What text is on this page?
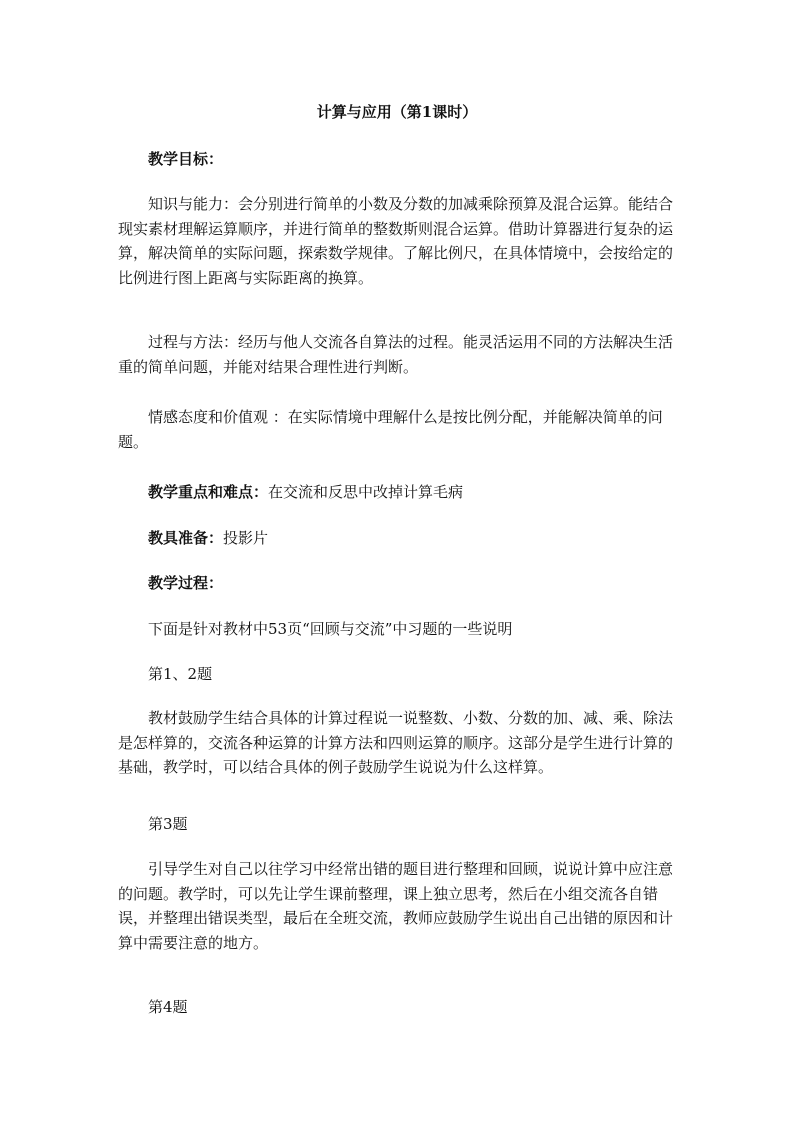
计算与应用（第1课时）

教学目标：

知识与能力：会分别进行简单的小数及分数的加减乘除预算及混合运算。能结合现实素材理解运算顺序，并进行简单的整数斯则混合运算。借助计算器进行复杂的运算，解决简单的实际问题，探索数学规律。了解比例尺，在具体情境中，会按给定的比例进行图上距离与实际距离的换算。

过程与方法：经历与他人交流各自算法的过程。能灵活运用不同的方法解决生活重的简单问题，并能对结果合理性进行判断。

情感态度和价值观 ：在实际情境中理解什么是按比例分配，并能解决简单的问题。

教学重点和难点：在交流和反思中改掉计算毛病

教具准备：投影片

教学过程：

下面是针对教材中53页“回顾与交流”中习题的一些说明

第1、2题

教材鼓励学生结合具体的计算过程说一说整数、小数、分数的加、减、乘、除法是怎样算的，交流各种运算的计算方法和四则运算的顺序。这部分是学生进行计算的基础，教学时，可以结合具体的例子鼓励学生说说为什么这样算。

第3题

引导学生对自己以往学习中经常出错的题目进行整理和回顾，说说计算中应注意的问题。教学时，可以先让学生课前整理，课上独立思考，然后在小组交流各自错误，并整理出错误类型，最后在全班交流，教师应鼓励学生说出自己出错的原因和计算中需要注意的地方。

第4题
